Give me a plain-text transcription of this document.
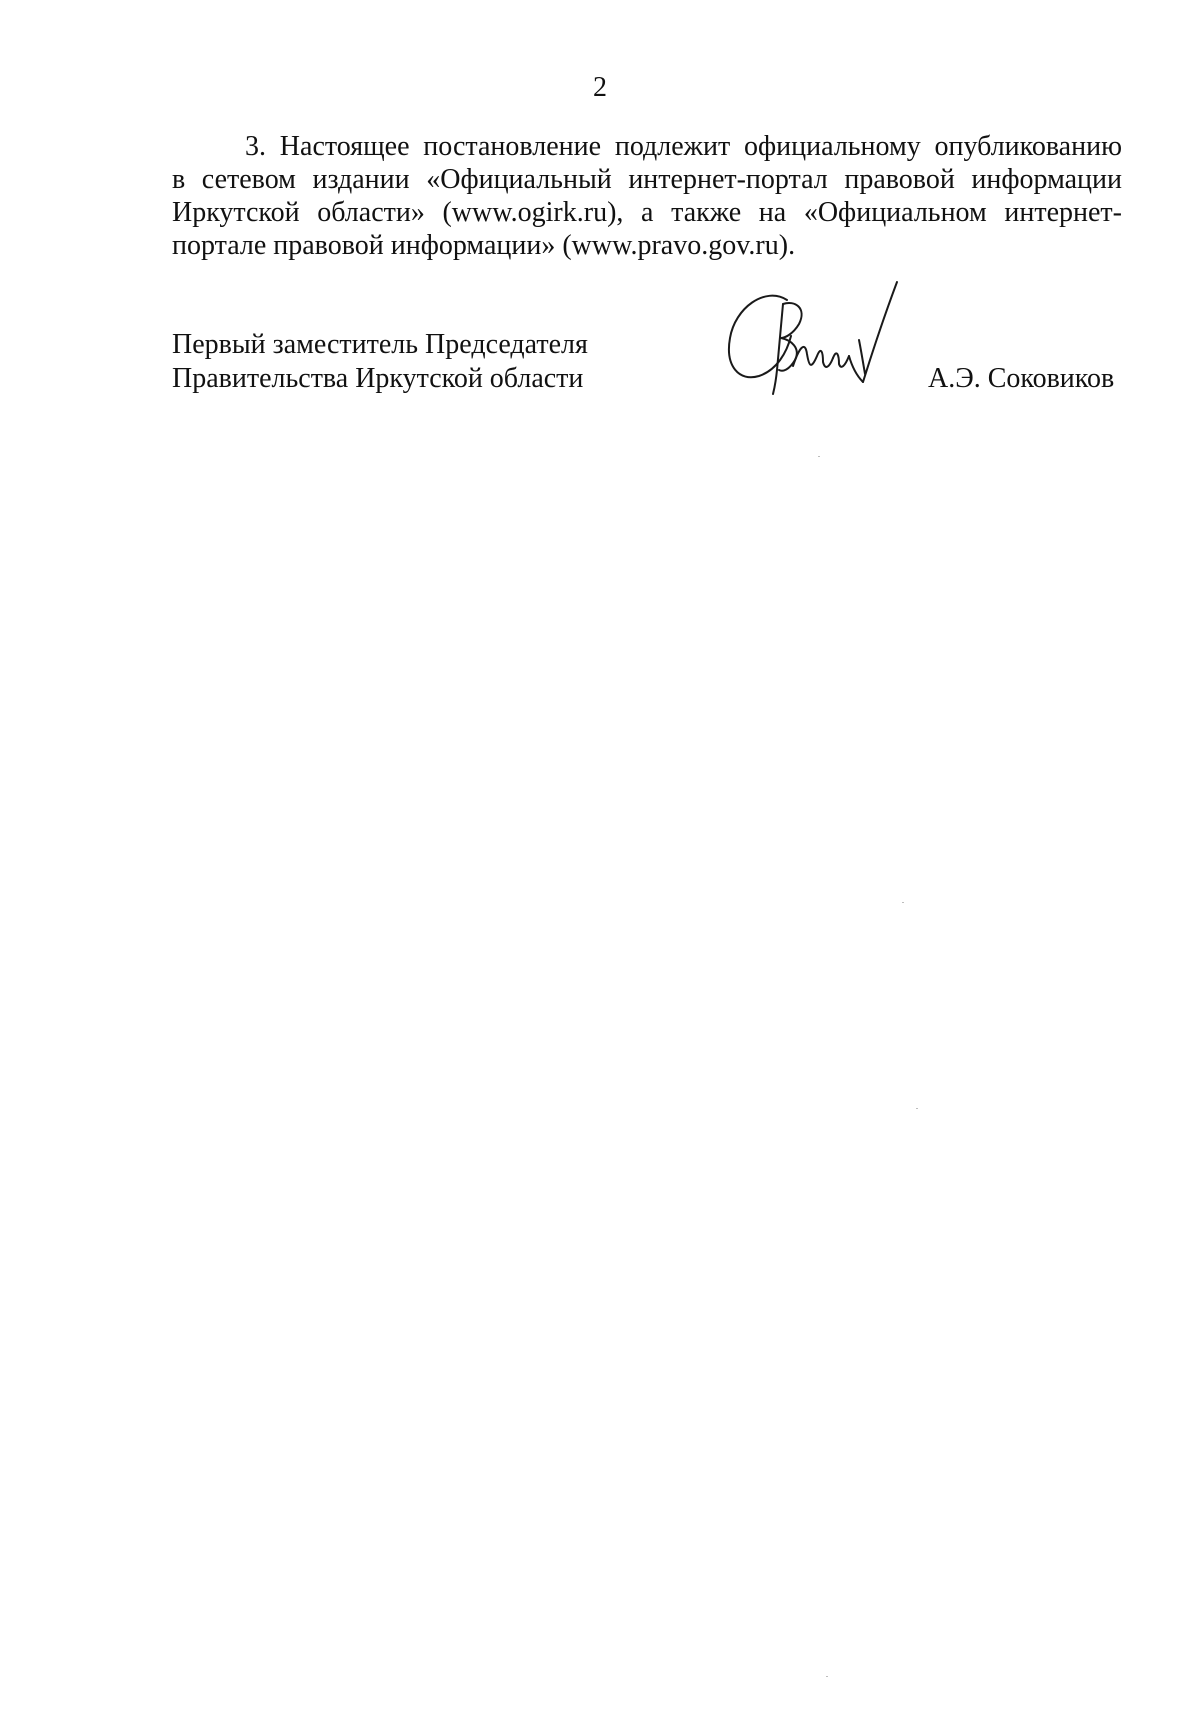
2
3. Настоящее постановление подлежит официальному опубликованию
в сетевом издании «Официальный интернет-портал правовой информации
Иркутской области» (www.ogirk.ru), а также на «Официальном интернет-
портале правовой информации» (www.pravo.gov.ru).
Первый заместитель Председателя
Правительства Иркутской области	А.Э. Соковиков
